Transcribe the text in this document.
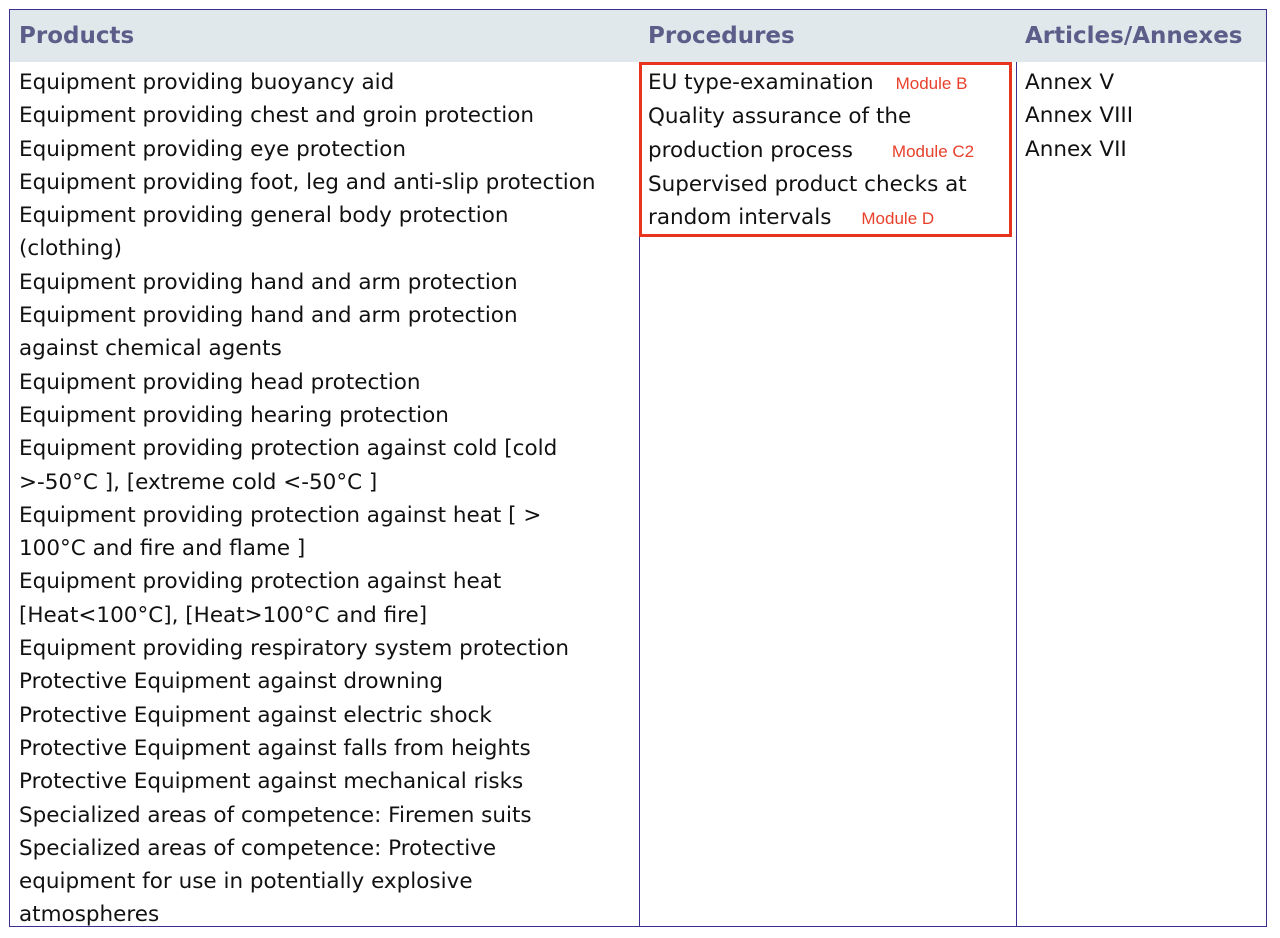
Products	Procedures	Articles/Annexes
Equipment providing buoyancy aid
Equipment providing chest and groin protection
Equipment providing eye protection
Equipment providing foot, leg and anti-slip protection
Equipment providing general body protection
(clothing)
Equipment providing hand and arm protection
Equipment providing hand and arm protection
against chemical agents
Equipment providing head protection
Equipment providing hearing protection
Equipment providing protection against cold [cold
>-50°C ], [extreme cold <-50°C ]
Equipment providing protection against heat [ >
100°C and fire and flame ]
Equipment providing protection against heat
[Heat<100°C], [Heat>100°C and fire]
Equipment providing respiratory system protection
Protective Equipment against drowning
Protective Equipment against electric shock
Protective Equipment against falls from heights
Protective Equipment against mechanical risks
Specialized areas of competence: Firemen suits
Specialized areas of competence: Protective
equipment for use in potentially explosive
atmospheres
EU type-examination Module B
Quality assurance of the
production process Module C2
Supervised product checks at
random intervals Module D
Annex V
Annex VIII
Annex VII
